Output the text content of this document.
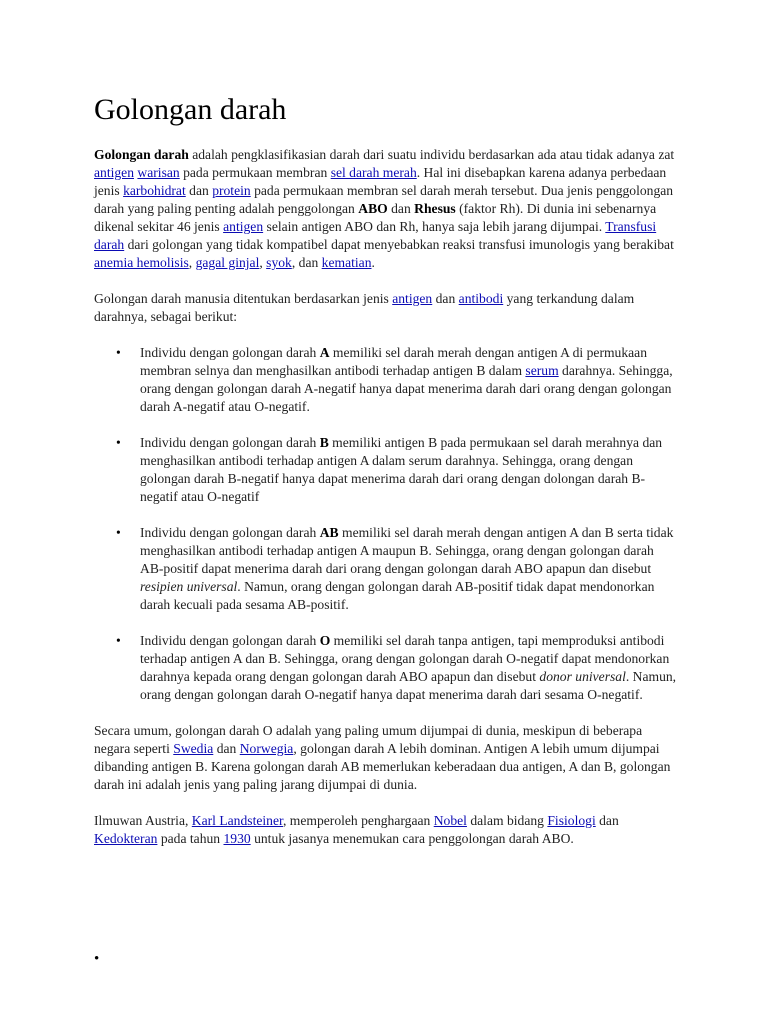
Golongan darah

Golongan darah adalah pengklasifikasian darah dari suatu individu berdasarkan ada atau tidak adanya zat antigen warisan pada permukaan membran sel darah merah. Hal ini disebapkan karena adanya perbedaan jenis karbohidrat dan protein pada permukaan membran sel darah merah tersebut. Dua jenis penggolongan darah yang paling penting adalah penggolongan ABO dan Rhesus (faktor Rh). Di dunia ini sebenarnya dikenal sekitar 46 jenis antigen selain antigen ABO dan Rh, hanya saja lebih jarang dijumpai. Transfusi darah dari golongan yang tidak kompatibel dapat menyebabkan reaksi transfusi imunologis yang berakibat anemia hemolisis, gagal ginjal, syok, dan kematian.

Golongan darah manusia ditentukan berdasarkan jenis antigen dan antibodi yang terkandung dalam darahnya, sebagai berikut:

• Individu dengan golongan darah A memiliki sel darah merah dengan antigen A di permukaan membran selnya dan menghasilkan antibodi terhadap antigen B dalam serum darahnya. Sehingga, orang dengan golongan darah A-negatif hanya dapat menerima darah dari orang dengan golongan darah A-negatif atau O-negatif.
• Individu dengan golongan darah B memiliki antigen B pada permukaan sel darah merahnya dan menghasilkan antibodi terhadap antigen A dalam serum darahnya. Sehingga, orang dengan golongan darah B-negatif hanya dapat menerima darah dari orang dengan dolongan darah B-negatif atau O-negatif
• Individu dengan golongan darah AB memiliki sel darah merah dengan antigen A dan B serta tidak menghasilkan antibodi terhadap antigen A maupun B. Sehingga, orang dengan golongan darah AB-positif dapat menerima darah dari orang dengan golongan darah ABO apapun dan disebut resipien universal. Namun, orang dengan golongan darah AB-positif tidak dapat mendonorkan darah kecuali pada sesama AB-positif.
• Individu dengan golongan darah O memiliki sel darah tanpa antigen, tapi memproduksi antibodi terhadap antigen A dan B. Sehingga, orang dengan golongan darah O-negatif dapat mendonorkan darahnya kepada orang dengan golongan darah ABO apapun dan disebut donor universal. Namun, orang dengan golongan darah O-negatif hanya dapat menerima darah dari sesama O-negatif.

Secara umum, golongan darah O adalah yang paling umum dijumpai di dunia, meskipun di beberapa negara seperti Swedia dan Norwegia, golongan darah A lebih dominan. Antigen A lebih umum dijumpai dibanding antigen B. Karena golongan darah AB memerlukan keberadaan dua antigen, A dan B, golongan darah ini adalah jenis yang paling jarang dijumpai di dunia.

Ilmuwan Austria, Karl Landsteiner, memperoleh penghargaan Nobel dalam bidang Fisiologi dan Kedokteran pada tahun 1930 untuk jasanya menemukan cara penggolongan darah ABO.

•
